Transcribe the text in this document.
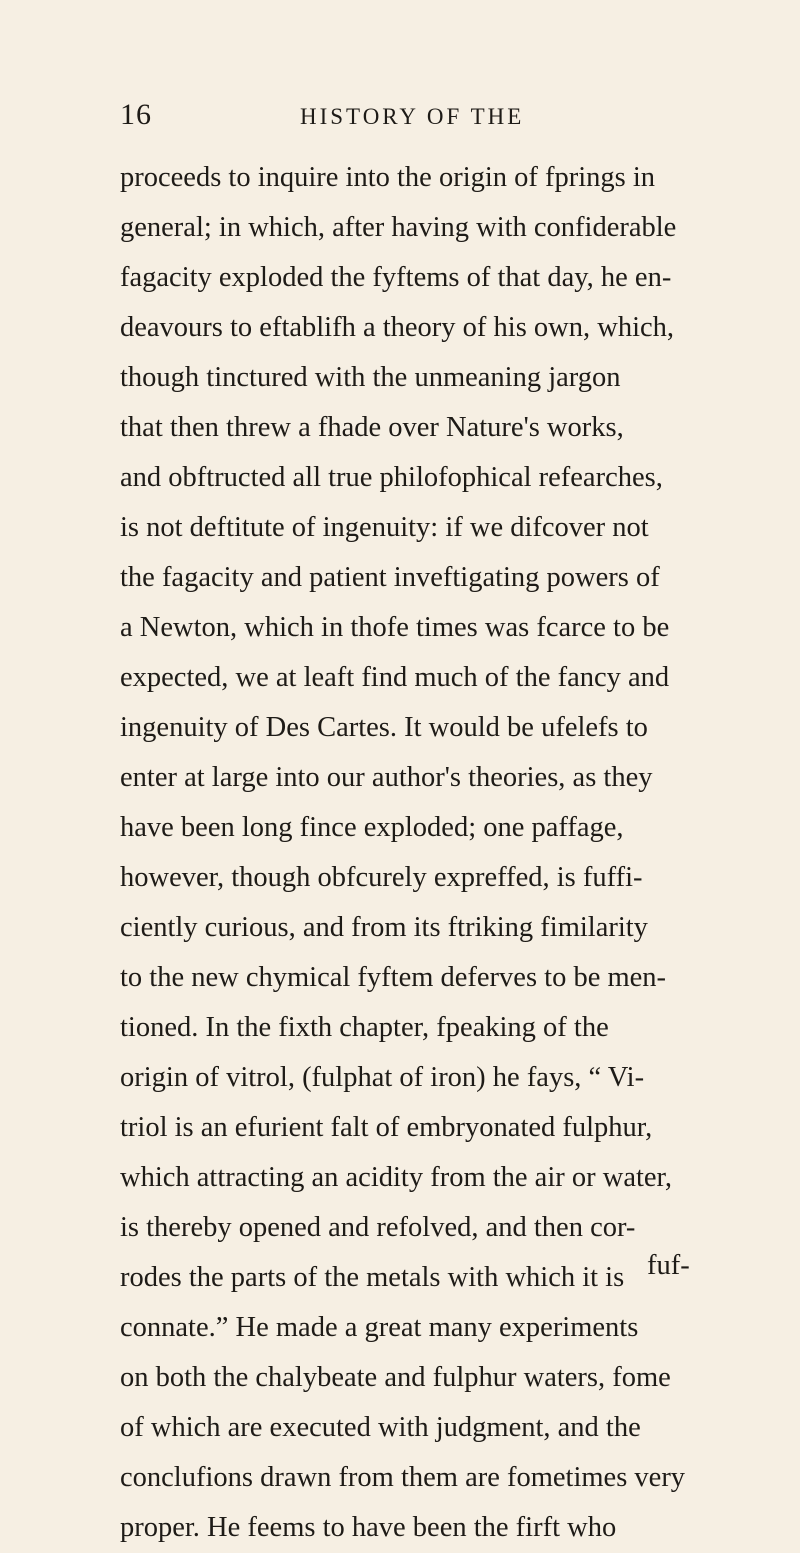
16	HISTORY OF THE
proceeds to inquire into the origin of fprings in
general; in which, after having with confiderable
fagacity exploded the fyftems of that day, he en-
deavours to eftablifh a theory of his own, which,
though tinctured with the unmeaning jargon
that then threw a fhade over Nature's works,
and obftructed all true philofophical refearches,
is not deftitute of ingenuity: if we difcover not
the fagacity and patient inveftigating powers of
a Newton, which in thofe times was fcarce to be
expected, we at leaft find much of the fancy and
ingenuity of Des Cartes. It would be ufelefs to
enter at large into our author's theories, as they
have been long fince exploded; one paffage,
however, though obfcurely expreffed, is fuffi-
ciently curious, and from its ftriking fimilarity
to the new chymical fyftem deferves to be men-
tioned. In the fixth chapter, fpeaking of the
origin of vitrol, (fulphat of iron) he fays, “ Vi-
triol is an efurient falt of embryonated fulphur,
which attracting an acidity from the air or water,
is thereby opened and refolved, and then cor-
rodes the parts of the metals with which it is
connate.” He made a great many experiments
on both the chalybeate and fulphur waters, fome
of which are executed with judgment, and the
conclufions drawn from them are fometimes very
proper. He feems to have been the firft who
fuf-
